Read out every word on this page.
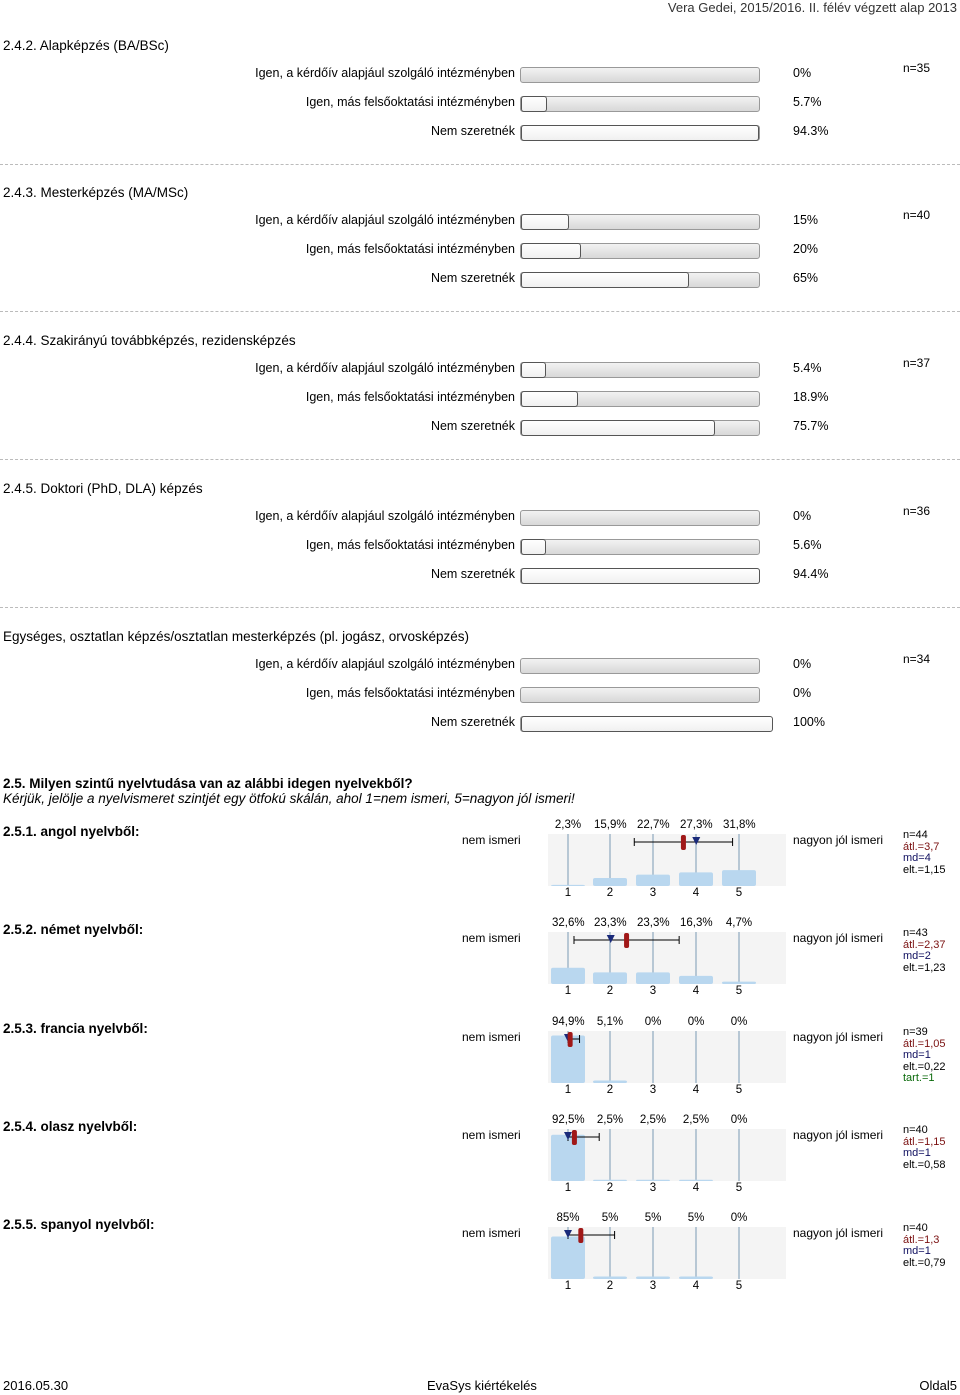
Vera Gedei, 2015/2016. II. félév végzett alap 2013
2.4.2. Alapképzés (BA/BSc)
n=35
Igen, a kérdőív alapjául szolgáló intézményben	0%
Igen, más felsőoktatási intézményben	5.7%
Nem szeretnék	94.3%
2.4.3. Mesterképzés (MA/MSc)
n=40
Igen, a kérdőív alapjául szolgáló intézményben	15%
Igen, más felsőoktatási intézményben	20%
Nem szeretnék	65%
2.4.4. Szakirányú továbbképzés, rezidensképzés
n=37
Igen, a kérdőív alapjául szolgáló intézményben	5.4%
Igen, más felsőoktatási intézményben	18.9%
Nem szeretnék	75.7%
2.4.5. Doktori (PhD, DLA) képzés
n=36
Igen, a kérdőív alapjául szolgáló intézményben	0%
Igen, más felsőoktatási intézményben	5.6%
Nem szeretnék	94.4%
Egységes, osztatlan képzés/osztatlan mesterképzés (pl. jogász, orvosképzés)
n=34
Igen, a kérdőív alapjául szolgáló intézményben	0%
Igen, más felsőoktatási intézményben	0%
Nem szeretnék	100%
2.5. Milyen szintű nyelvtudása van az alábbi idegen nyelvekből?
Kérjük, jelölje a nyelvismeret szintjét egy ötfokú skálán, ahol 1=nem ismeri, 5=nagyon jól ismeri!
2.5.1. angol nyelvből:
nem ismeri	nagyon jól ismeri n=44
átl.=3,7
md=4
elt.=1,15
2,3% 15,9% 22,7% 27,3% 31,8%
1	2	3	4	5
2.5.2. német nyelvből:
nem ismeri	nagyon jól ismeri n=43
átl.=2,37
md=2
elt.=1,23
32,6% 23,3% 23,3% 16,3% 4,7%
1	2	3	4	5
2.5.3. francia nyelvből:
nem ismeri	nagyon jól ismeri n=39
átl.=1,05
md=1
elt.=0,22
tart.=1
94,9% 5,1%	0%	0%	0%
1	2	3	4	5
2.5.4. olasz nyelvből:
nem ismeri	nagyon jól ismeri n=40
átl.=1,15
md=1
elt.=0,58
92,5% 2,5% 2,5% 2,5%	0%
1	2	3	4	5
2.5.5. spanyol nyelvből:
nem ismeri	nagyon jól ismeri n=40
átl.=1,3
md=1
elt.=0,79
85%	5%	5%	5%	0%
1	2	3	4	5
2016.05.30	EvaSys kiértékelés	Oldal5
